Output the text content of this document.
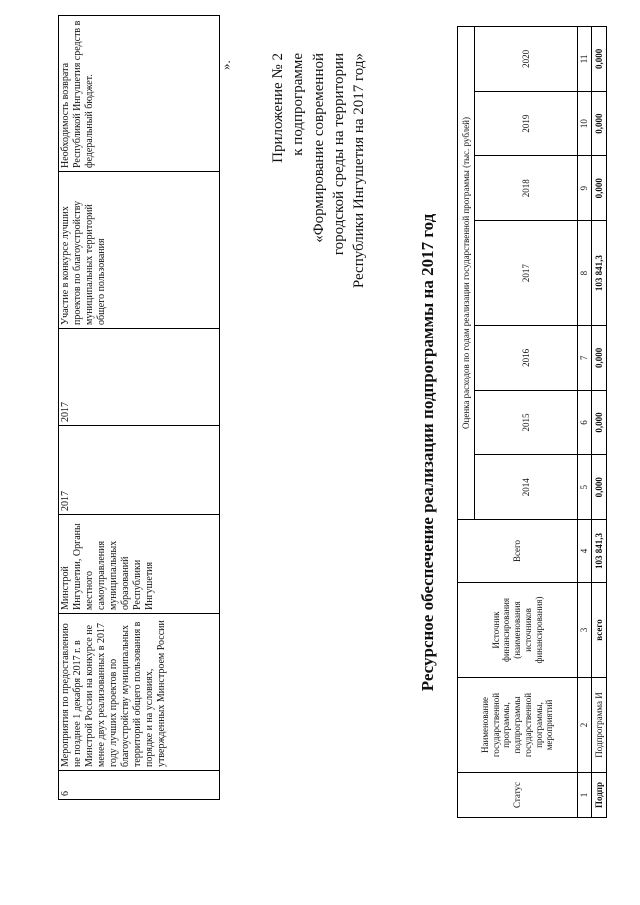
6	Мероприятия по предоставлению не позднее 1 декабря 2017 г. в Минстрой России на конкурсе не менее двух реализованных в 2017 году лучших проектов по благоустройству муниципальных территорий общего пользования в порядке и на условиях, утвержденных Минстроем России	Минстрой Ингушетии, Органы местного самоуправления муниципальных образований Республики Ингушетия	2017	2017	Участие в конкурсе лучших проектов по благоустройству муниципальных территорий общего пользования	Необходимость возврата Республикой Ингушетия средств в федеральный бюджет.
». Приложение № 2 к подпрограмме «Формирование современной городской среды на территории Республики Ингушетия на 2017 год»
Ресурсное обеспечение реализации подпрограммы на 2017 год
Статус	Наименование государственной программы, подпрограммы государственной программы, мероприятий	Источник финансирования (наименования источников финансирования)	Всего	Оценка расходов по годам реализации государственной программы (тыс. рублей)						
				2014	2015	2016	2017	2018	2019	2020
1	2	3	4	5	6	7	8	9	10	11
Подпр	Подпрограмма И	всего	103 841,3	0,000	0,000	0,000	103 841,3	0,000	0,000	0,000
